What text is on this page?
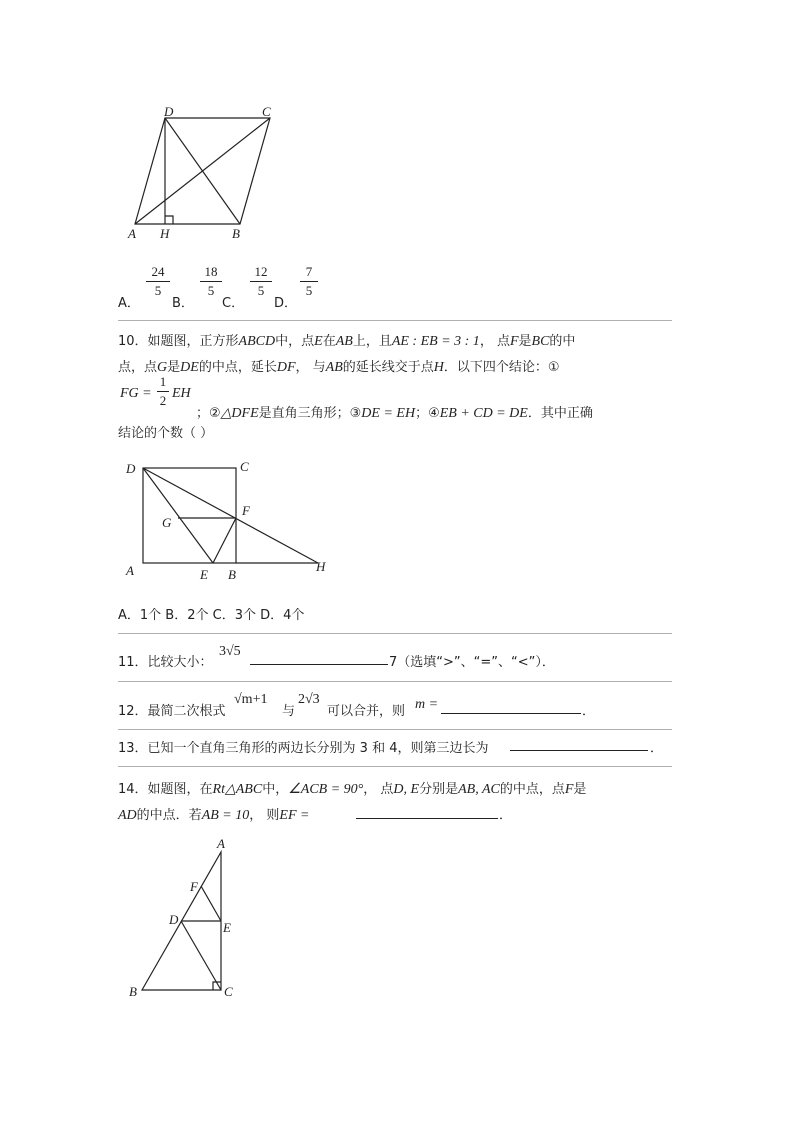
D	C
A H	B
A．
24
5
B．
18
5
C．
12
5
D．
7
5
10．如题图，正方形ABCD中，点E在AB上，且AE : EB = 3 : 1， 点F是BC的中
点，点G是DE的中点，延长DF， 与AB的延长线交于点H．以下四个结论：①
FG =
1
2 EH
；②△DFE是直角三角形；③DE = EH；④EB + CD = DE．其中正确
结论的个数（ ）
D	C
G
F
A	E B
H
A．1个 B．2个 C．3个 D．4个
11．比较大小：
3√5
7（选填“>”、“=”、“<”）．
12．最简二次根式
√m+1
与
2√3
可以合并，则 m =	．
13．已知一个直角三角形的两边长分别为 3 和 4，则第三边长为	．
14．如题图，在Rt△ABC中，∠ACB = 90°， 点D, E分别是AB, AC的中点，点F是
AD的中点．若AB = 10， 则EF =	．
A
F
D
E
B	C
